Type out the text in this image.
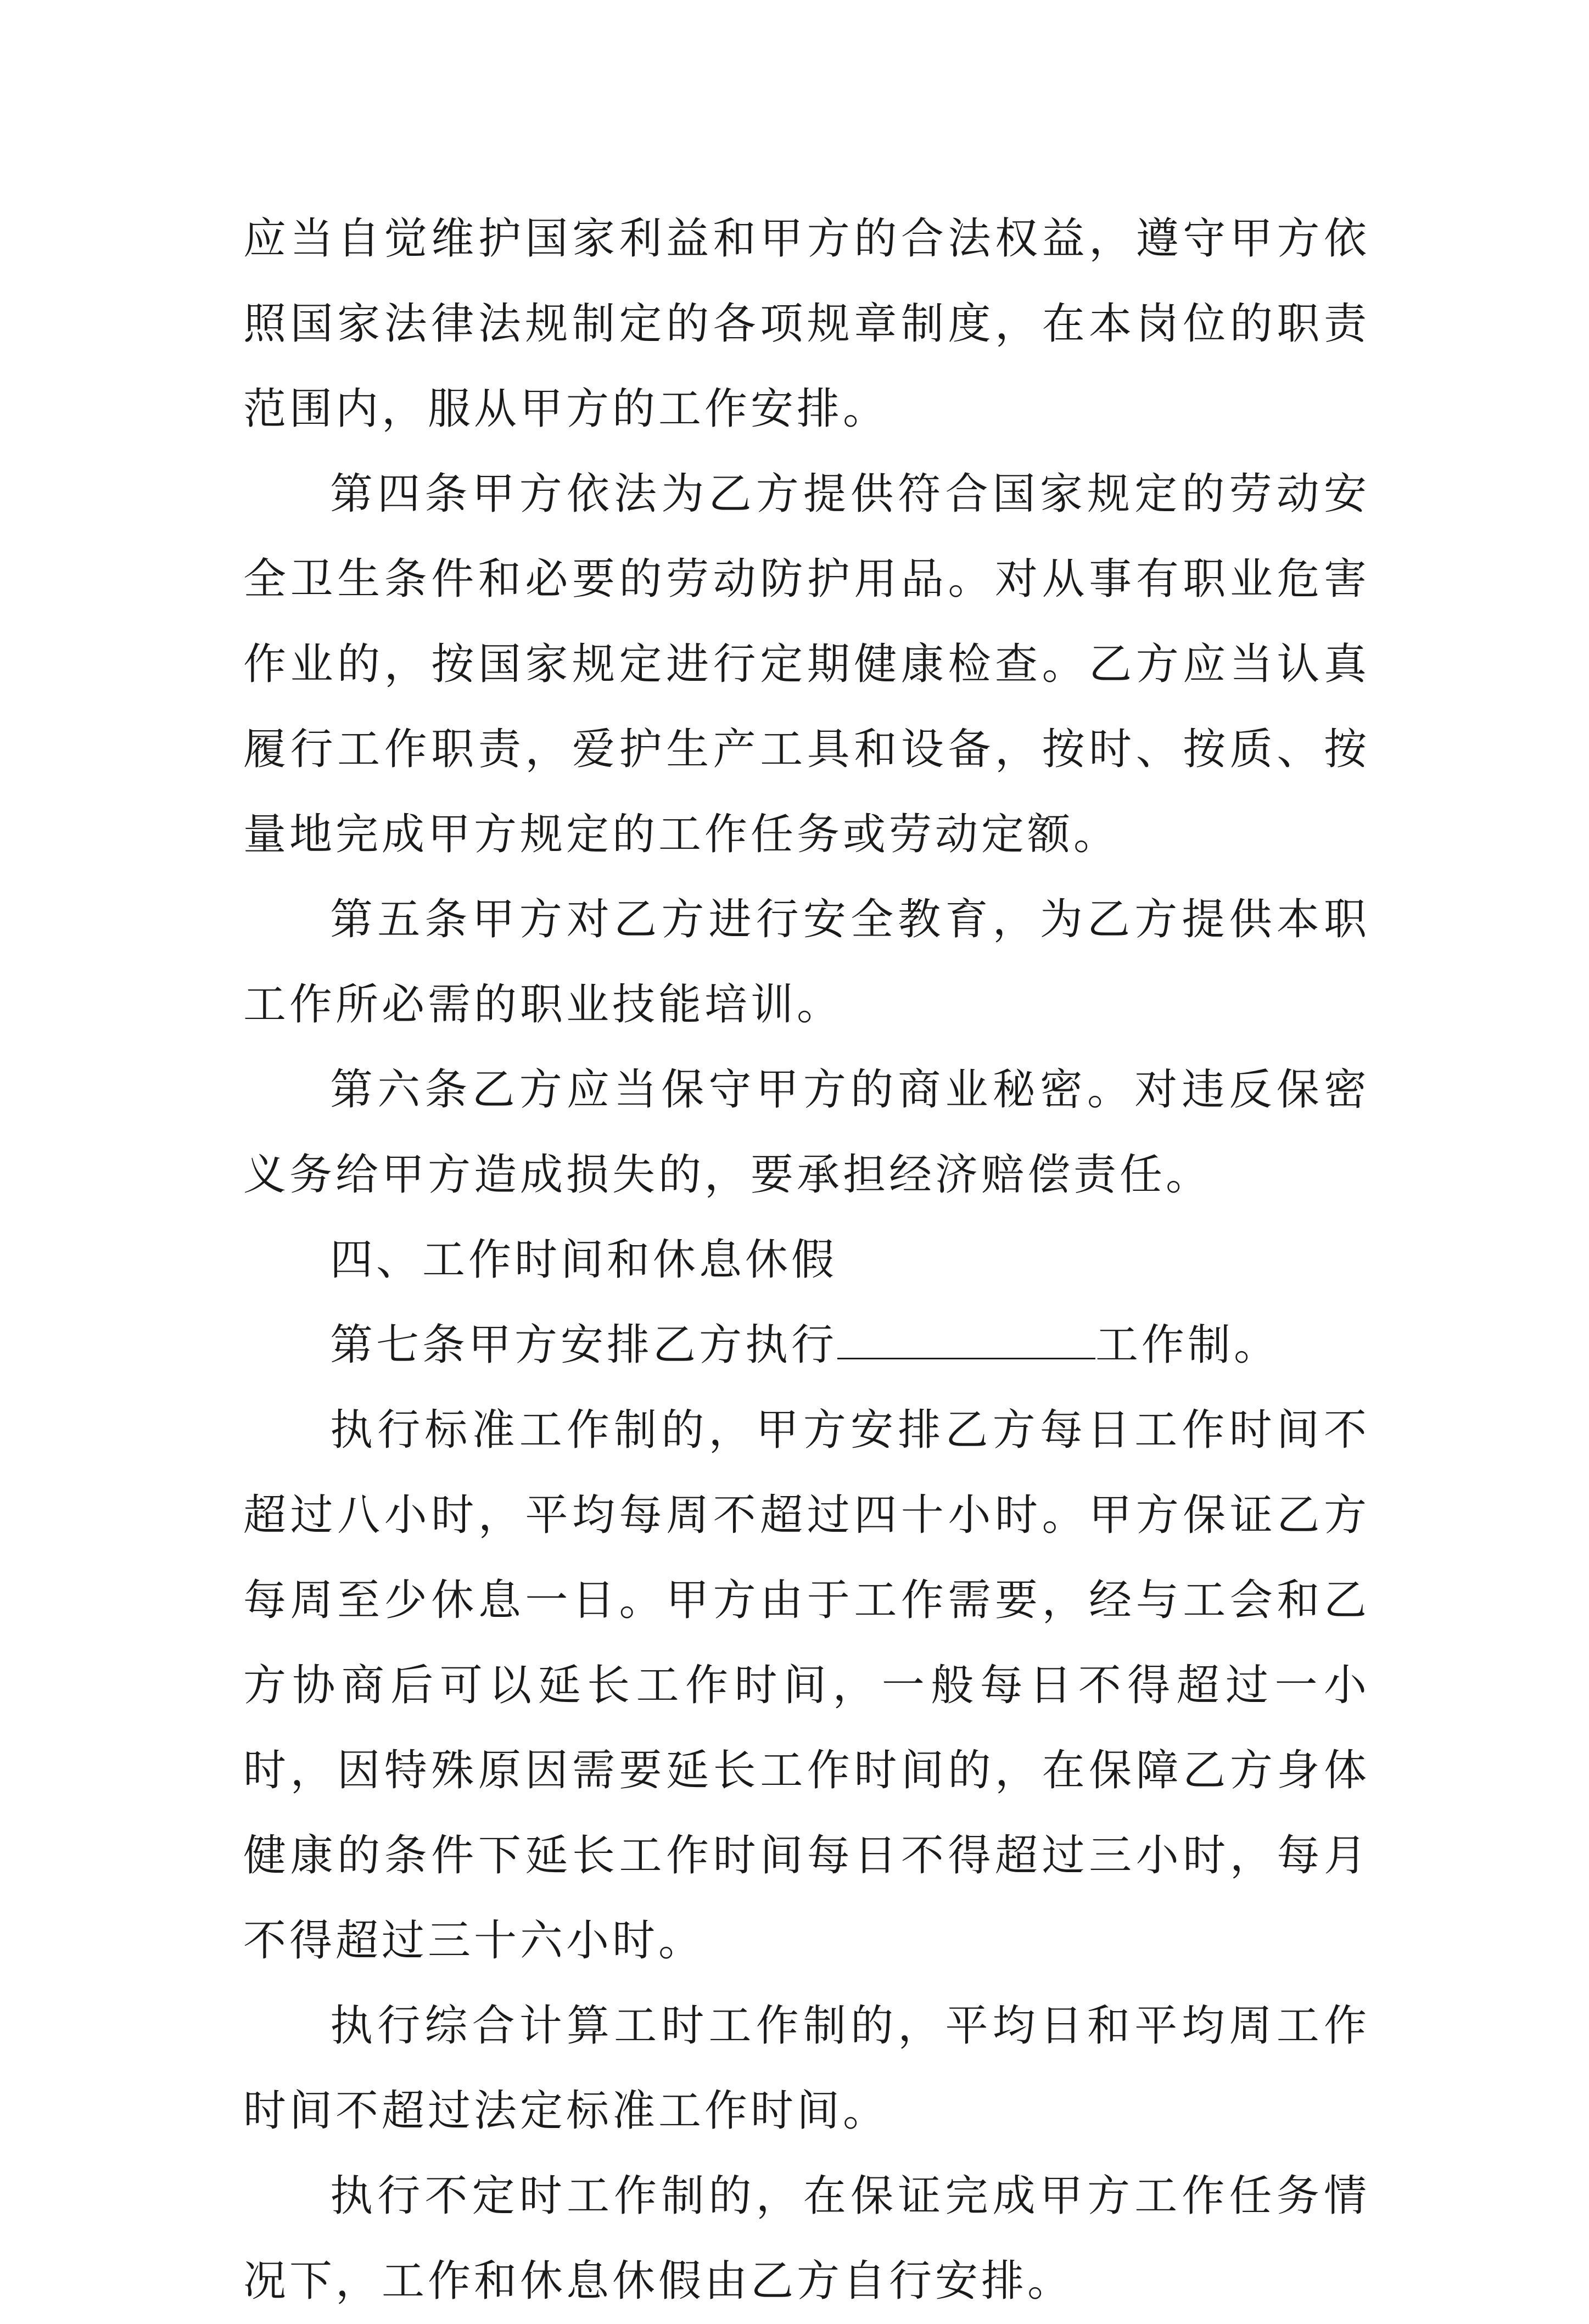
应当自觉维护国家利益和甲方的合法权益，遵守甲方依照国家法律法规制定的各项规章制度，在本岗位的职责范围内，服从甲方的工作安排。

第四条甲方依法为乙方提供符合国家规定的劳动安全卫生条件和必要的劳动防护用品。对从事有职业危害作业的，按国家规定进行定期健康检查。乙方应当认真履行工作职责，爱护生产工具和设备，按时、按质、按量地完成甲方规定的工作任务或劳动定额。

第五条甲方对乙方进行安全教育，为乙方提供本职工作所必需的职业技能培训。

第六条乙方应当保守甲方的商业秘密。对违反保密义务给甲方造成损失的，要承担经济赔偿责任。

四、工作时间和休息休假

第七条甲方安排乙方执行	工作制。

执行标准工作制的，甲方安排乙方每日工作时间不超过八小时，平均每周不超过四十小时。甲方保证乙方每周至少休息一日。甲方由于工作需要，经与工会和乙方协商后可以延长工作时间，一般每日不得超过一小时，因特殊原因需要延长工作时间的，在保障乙方身体健康的条件下延长工作时间每日不得超过三小时，每月不得超过三十六小时。

执行综合计算工时工作制的，平均日和平均周工作时间不超过法定标准工作时间。

执行不定时工作制的，在保证完成甲方工作任务情况下，工作和休息休假由乙方自行安排。
